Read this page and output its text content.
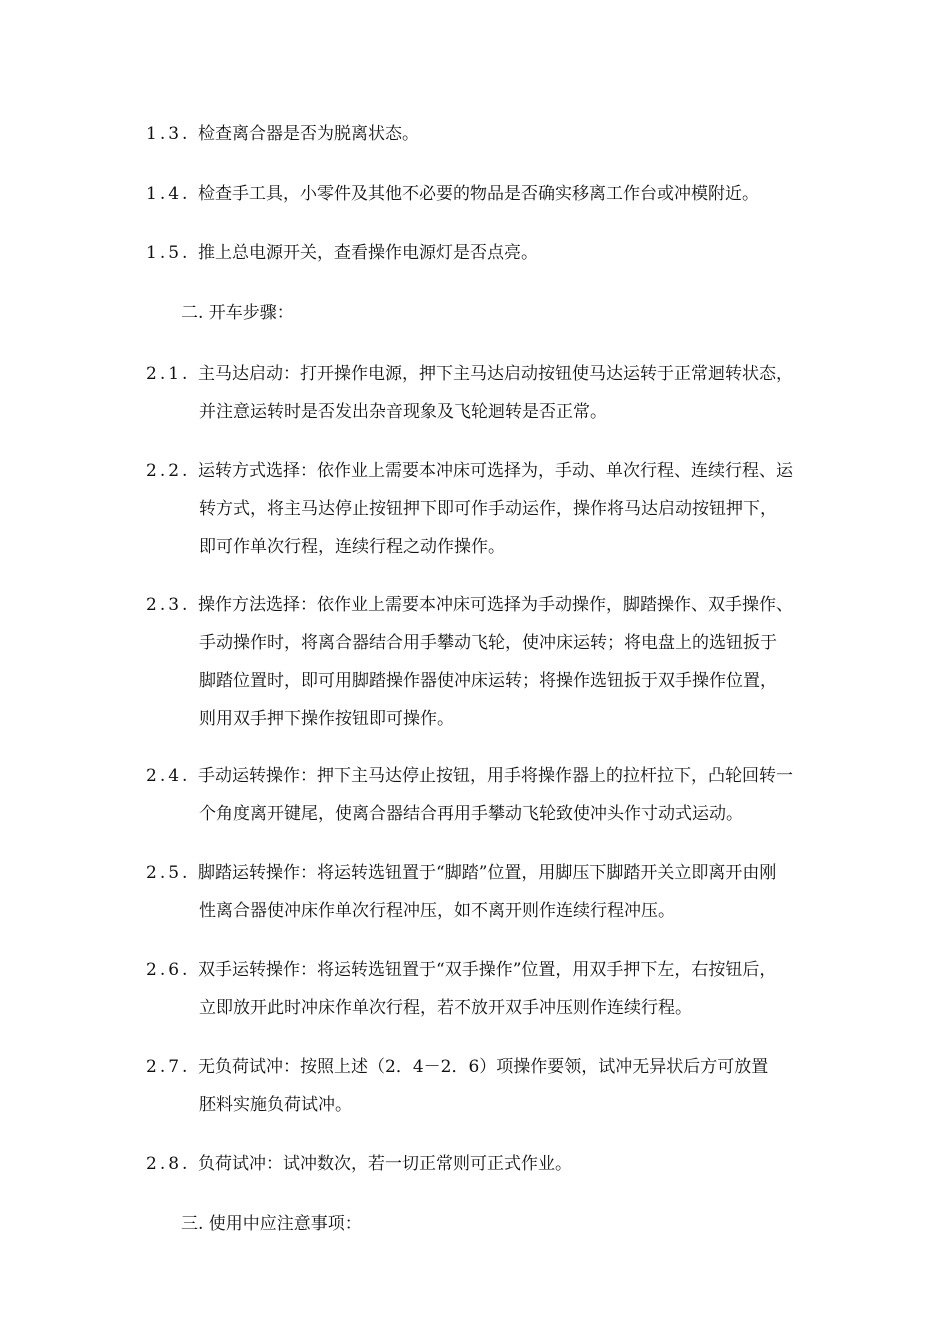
1.3. 检查离合器是否为脱离状态。
1.4. 检查手工具，小零件及其他不必要的物品是否确实移离工作台或冲模附近。
1.5. 推上总电源开关，查看操作电源灯是否点亮。
二. 开车步骤：
2.1. 主马达启动：打开操作电源，押下主马达启动按钮使马达运转于正常迴转状态，
并注意运转时是否发出杂音现象及飞轮迴转是否正常。
2.2. 运转方式选择：依作业上需要本冲床可选择为，手动、单次行程、连续行程、运
转方式，将主马达停止按钮押下即可作手动运作，操作将马达启动按钮押下，
即可作单次行程，连续行程之动作操作。
2.3. 操作方法选择：依作业上需要本冲床可选择为手动操作，脚踏操作、双手操作、
手动操作时，将离合器结合用手攀动飞轮，使冲床运转；将电盘上的选钮扳于
脚踏位置时，即可用脚踏操作器使冲床运转；将操作选钮扳于双手操作位置，
则用双手押下操作按钮即可操作。
2.4. 手动运转操作：押下主马达停止按钮，用手将操作器上的拉杆拉下，凸轮回转一
个角度离开键尾，使离合器结合再用手攀动飞轮致使冲头作寸动式运动。
2.5. 脚踏运转操作：将运转选钮置于“脚踏”位置，用脚压下脚踏开关立即离开由刚
性离合器使冲床作单次行程冲压，如不离开则作连续行程冲压。
2.6. 双手运转操作：将运转选钮置于“双手操作”位置，用双手押下左，右按钮后，
立即放开此时冲床作单次行程，若不放开双手冲压则作连续行程。
2.7. 无负荷试冲：按照上述（2．4－2．6）项操作要领，试冲无异状后方可放置
胚料实施负荷试冲。
2.8. 负荷试冲：试冲数次，若一切正常则可正式作业。
三. 使用中应注意事项：
